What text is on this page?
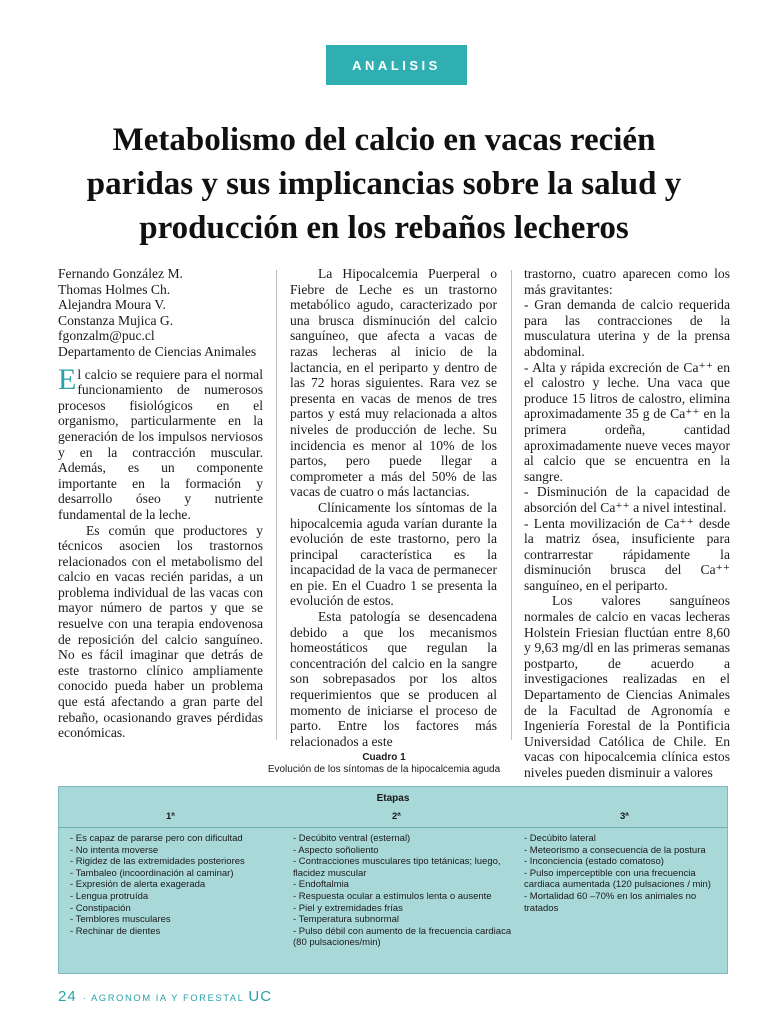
ANALISIS
Metabolismo del calcio en vacas recién paridas y sus implicancias sobre la salud y producción en los rebaños lecheros
Fernando González M.
Thomas Holmes Ch.
Alejandra Moura V.
Constanza Mujica G.
fgonzalm@puc.cl
Departamento de Ciencias Animales

El calcio se requiere para el normal funcionamiento de numerosos procesos fisiológicos en el organismo, particularmente en la generación de los impulsos nerviosos y en la contracción muscular. Además, es un componente importante en la formación y desarrollo óseo y nutriente fundamental de la leche.

Es común que productores y técnicos asocien los trastornos relacionados con el metabolismo del calcio en vacas recién paridas, a un problema individual de las vacas con mayor número de partos y que se resuelve con una terapia endovenosa de reposición del calcio sanguíneo. No es fácil imaginar que detrás de este trastorno clínico ampliamente conocido pueda haber un problema que está afectando a gran parte del rebaño, ocasionando graves pérdidas económicas.

La Hipocalcemia Puerperal o Fiebre de Leche es un trastorno metabólico agudo, caracterizado por una brusca disminución del calcio sanguíneo, que afecta a vacas de razas lecheras al inicio de la lactancia, en el periparto y dentro de las 72 horas siguientes. Rara vez se presenta en vacas de menos de tres partos y está muy relacionada a altos niveles de producción de leche. Su incidencia es menor al 10% de los partos, pero puede llegar a comprometer a más del 50% de las vacas de cuatro o más lactancias.

Clínicamente los síntomas de la hipocalcemia aguda varían durante la evolución de este trastorno, pero la principal característica es la incapacidad de la vaca de permanecer en pie. En el Cuadro 1 se presenta la evolución de estos.

Esta patología se desencadena debido a que los mecanismos homeostáticos que regulan la concentración del calcio en la sangre son sobrepasados por los altos requerimientos que se producen al momento de iniciarse el proceso de parto. Entre los factores más relacionados a este

trastorno, cuatro aparecen como los más gravitantes:

- Gran demanda de calcio requerida para las contracciones de la musculatura uterina y de la prensa abdominal.

- Alta y rápida excreción de Ca⁺⁺ en el calostro y leche. Una vaca que produce 15 litros de calostro, elimina aproximadamente 35 g de Ca⁺⁺ en la primera ordeña, cantidad aproximadamente nueve veces mayor al calcio que se encuentra en la sangre.

- Disminución de la capacidad de absorción del Ca⁺⁺ a nivel intestinal.

- Lenta movilización de Ca⁺⁺ desde la matriz ósea, insuficiente para contrarrestar rápidamente la disminución brusca del Ca⁺⁺ sanguíneo, en el periparto.

Los valores sanguíneos normales de calcio en vacas lecheras Holstein Friesian fluctúan entre 8,60 y 9,63 mg/dl en las primeras semanas postparto, de acuerdo a investigaciones realizadas en el Departamento de Ciencias Animales de la Facultad de Agronomía e Ingeniería Forestal de la Pontificia Universidad Católica de Chile. En vacas con hipocalcemia clínica estos niveles pueden disminuir a valores

Cuadro 1
Evolución de los síntomas de la hipocalcemia aguda
Etapas
1ª	2ª	3ª
- Es capaz de pararse pero con dificultad
- No intenta moverse
- Rigidez de las extremidades posteriores
- Tambaleo (incoordinación al caminar)
- Expresión de alerta exagerada
- Lengua protruída
- Constipación
- Temblores musculares
- Rechinar de dientes
- Decúbito ventral (esternal)
- Aspecto soñoliento
- Contracciones musculares tipo tetánicas; luego, flacidez muscular
- Endoftalmia
- Respuesta ocular a estímulos lenta o ausente
- Piel y extremidades frías
- Temperatura subnormal
- Pulso débil con aumento de la frecuencia cardiaca (80 pulsaciones/min)
- Decúbito lateral
- Meteorismo a consecuencia de la postura
- Inconciencia (estado comatoso)
- Pulso imperceptible con una frecuencia cardiaca aumentada (120 pulsaciones / min)
- Mortalidad 60 –70% en los animales no tratados
24 · AGRONOM IA Y FORESTAL UC
